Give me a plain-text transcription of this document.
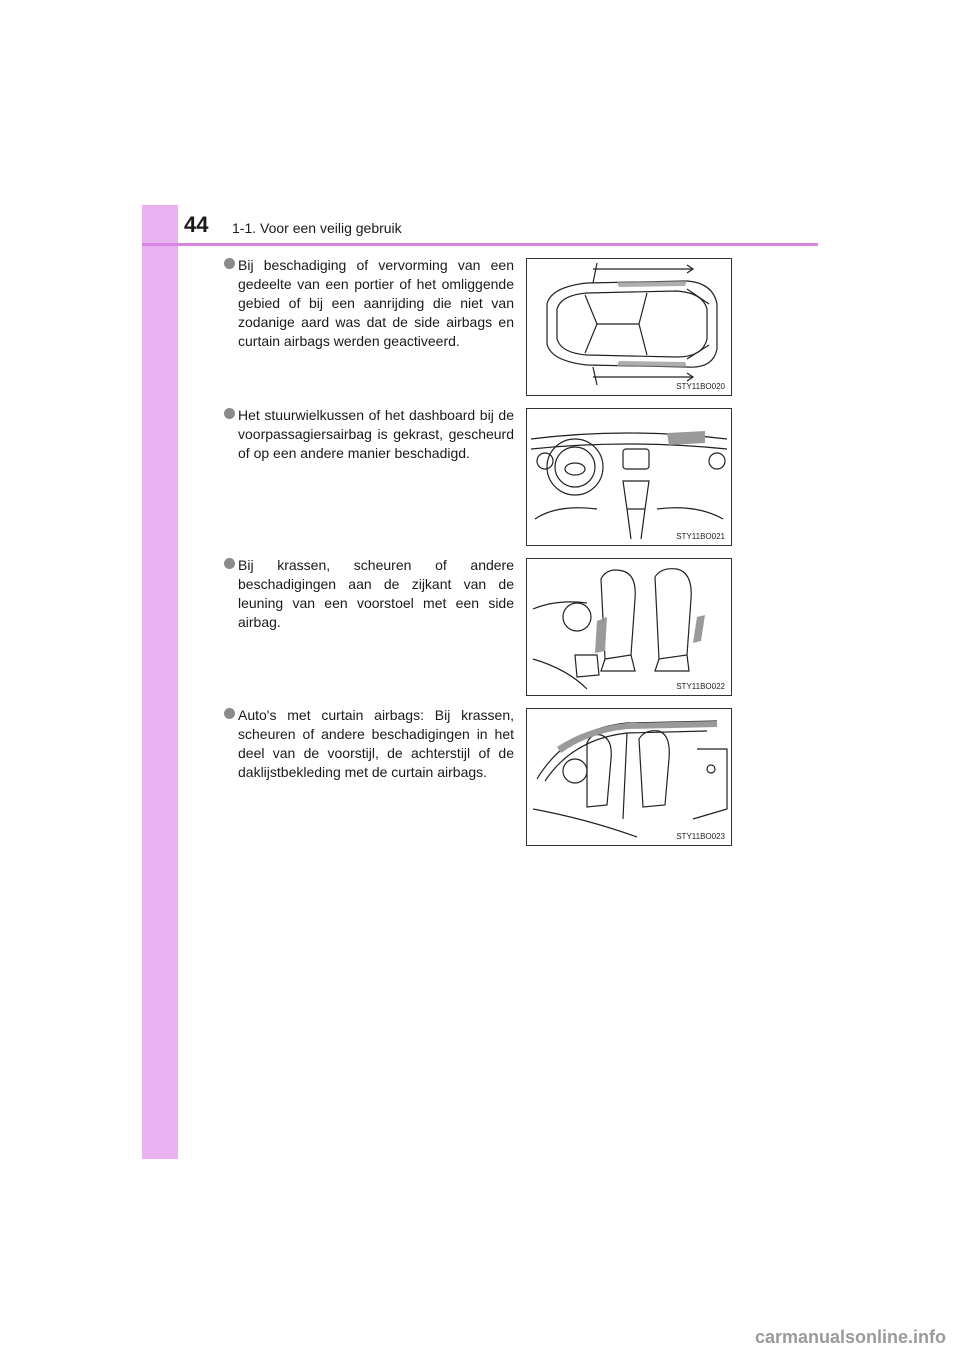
44 1-1. Voor een veilig gebruik
Bij beschadiging of vervorming van een gedeelte van een portier of het omliggende gebied of bij een aanrijding die niet van zodanige aard was dat de side airbags en curtain airbags werden geactiveerd.
STY11BO020
Het stuurwielkussen of het dashboard bij de voorpassagiersairbag is gekrast, gescheurd of op een andere manier beschadigd.
STY11BO021
Bij krassen, scheuren of andere beschadigingen aan de zijkant van de leuning van een voorstoel met een side airbag.
STY11BO022
Auto's met curtain airbags: Bij krassen, scheuren of andere beschadigingen in het deel van de voorstijl, de achterstijl of de daklijstbekleding met de curtain airbags.
STY11BO023
carmanualsonline.info
